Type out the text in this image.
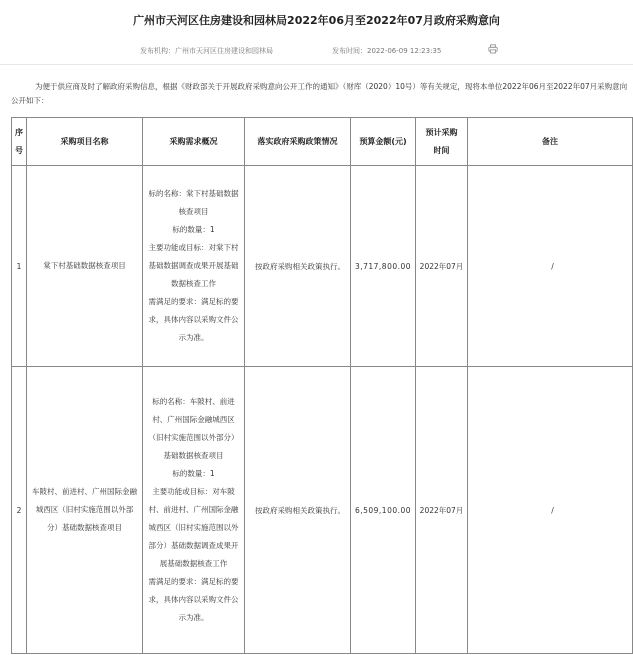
广州市天河区住房建设和园林局2022年06月至2022年07月政府采购意向
发布机构：广州市天河区住房建设和园林局	发布时间：2022-06-09 12:23:35

为便于供应商及时了解政府采购信息，根据《财政部关于开展政府采购意向公开工作的通知》（财库（2020）10号）等有关规定，现将本单位2022年06月至2022年07月采购意向公开如下：

序号	采购项目名称	采购需求概况	落实政府采购政策情况	预算金额(元)	预计采购时间	备注
1	棠下村基础数据核查项目	标的名称：棠下村基础数据核查项目
标的数量：1
主要功能或目标：对棠下村基础数据调查成果开展基础数据核查工作
需满足的要求：满足标的要求，具体内容以采购文件公示为准。	按政府采购相关政策执行。	3,717,800.00	2022年07月	/
2	车陂村、前进村、广州国际金融城西区（旧村实施范围以外部分）基础数据核查项目	标的名称：车陂村、前进村、广州国际金融城西区（旧村实施范围以外部分）基础数据核查项目
标的数量：1
主要功能或目标：对车陂村、前进村、广州国际金融城西区（旧村实施范围以外部分）基础数据调查成果开展基础数据核查工作
需满足的要求：满足标的要求，具体内容以采购文件公示为准。	按政府采购相关政策执行。	6,509,100.00	2022年07月	/
